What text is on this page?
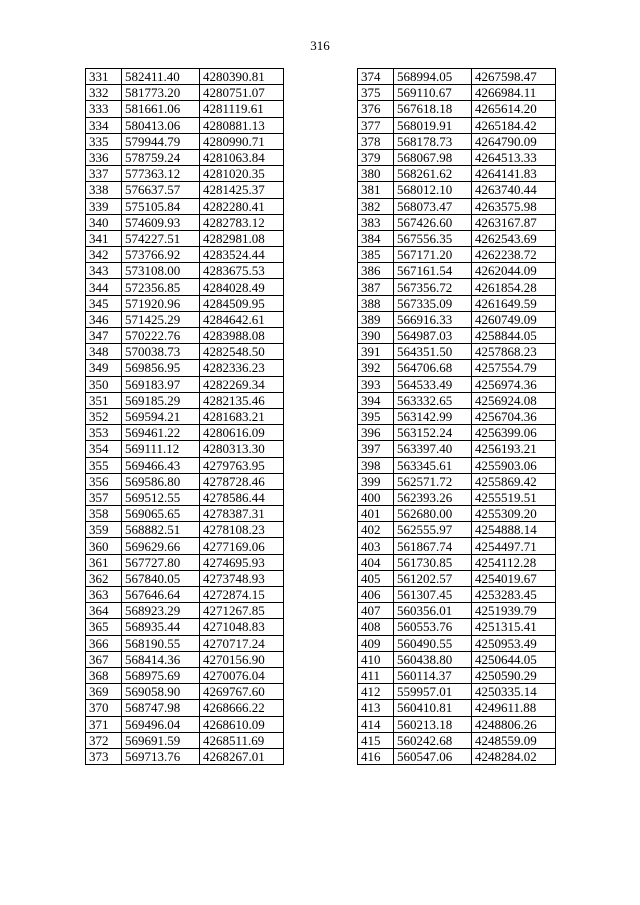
316
331	582411.40	4280390.81
332	581773.20	4280751.07
333	581661.06	4281119.61
334	580413.06	4280881.13
335	579944.79	4280990.71
336	578759.24	4281063.84
337	577363.12	4281020.35
338	576637.57	4281425.37
339	575105.84	4282280.41
340	574609.93	4282783.12
341	574227.51	4282981.08
342	573766.92	4283524.44
343	573108.00	4283675.53
344	572356.85	4284028.49
345	571920.96	4284509.95
346	571425.29	4284642.61
347	570222.76	4283988.08
348	570038.73	4282548.50
349	569856.95	4282336.23
350	569183.97	4282269.34
351	569185.29	4282135.46
352	569594.21	4281683.21
353	569461.22	4280616.09
354	569111.12	4280313.30
355	569466.43	4279763.95
356	569586.80	4278728.46
357	569512.55	4278586.44
358	569065.65	4278387.31
359	568882.51	4278108.23
360	569629.66	4277169.06
361	567727.80	4274695.93
362	567840.05	4273748.93
363	567646.64	4272874.15
364	568923.29	4271267.85
365	568935.44	4271048.83
366	568190.55	4270717.24
367	568414.36	4270156.90
368	568975.69	4270076.04
369	569058.90	4269767.60
370	568747.98	4268666.22
371	569496.04	4268610.09
372	569691.59	4268511.69
373	569713.76	4268267.01
374	568994.05	4267598.47
375	569110.67	4266984.11
376	567618.18	4265614.20
377	568019.91	4265184.42
378	568178.73	4264790.09
379	568067.98	4264513.33
380	568261.62	4264141.83
381	568012.10	4263740.44
382	568073.47	4263575.98
383	567426.60	4263167.87
384	567556.35	4262543.69
385	567171.20	4262238.72
386	567161.54	4262044.09
387	567356.72	4261854.28
388	567335.09	4261649.59
389	566916.33	4260749.09
390	564987.03	4258844.05
391	564351.50	4257868.23
392	564706.68	4257554.79
393	564533.49	4256974.36
394	563332.65	4256924.08
395	563142.99	4256704.36
396	563152.24	4256399.06
397	563397.40	4256193.21
398	563345.61	4255903.06
399	562571.72	4255869.42
400	562393.26	4255519.51
401	562680.00	4255309.20
402	562555.97	4254888.14
403	561867.74	4254497.71
404	561730.85	4254112.28
405	561202.57	4254019.67
406	561307.45	4253283.45
407	560356.01	4251939.79
408	560553.76	4251315.41
409	560490.55	4250953.49
410	560438.80	4250644.05
411	560114.37	4250590.29
412	559957.01	4250335.14
413	560410.81	4249611.88
414	560213.18	4248806.26
415	560242.68	4248559.09
416	560547.06	4248284.02
